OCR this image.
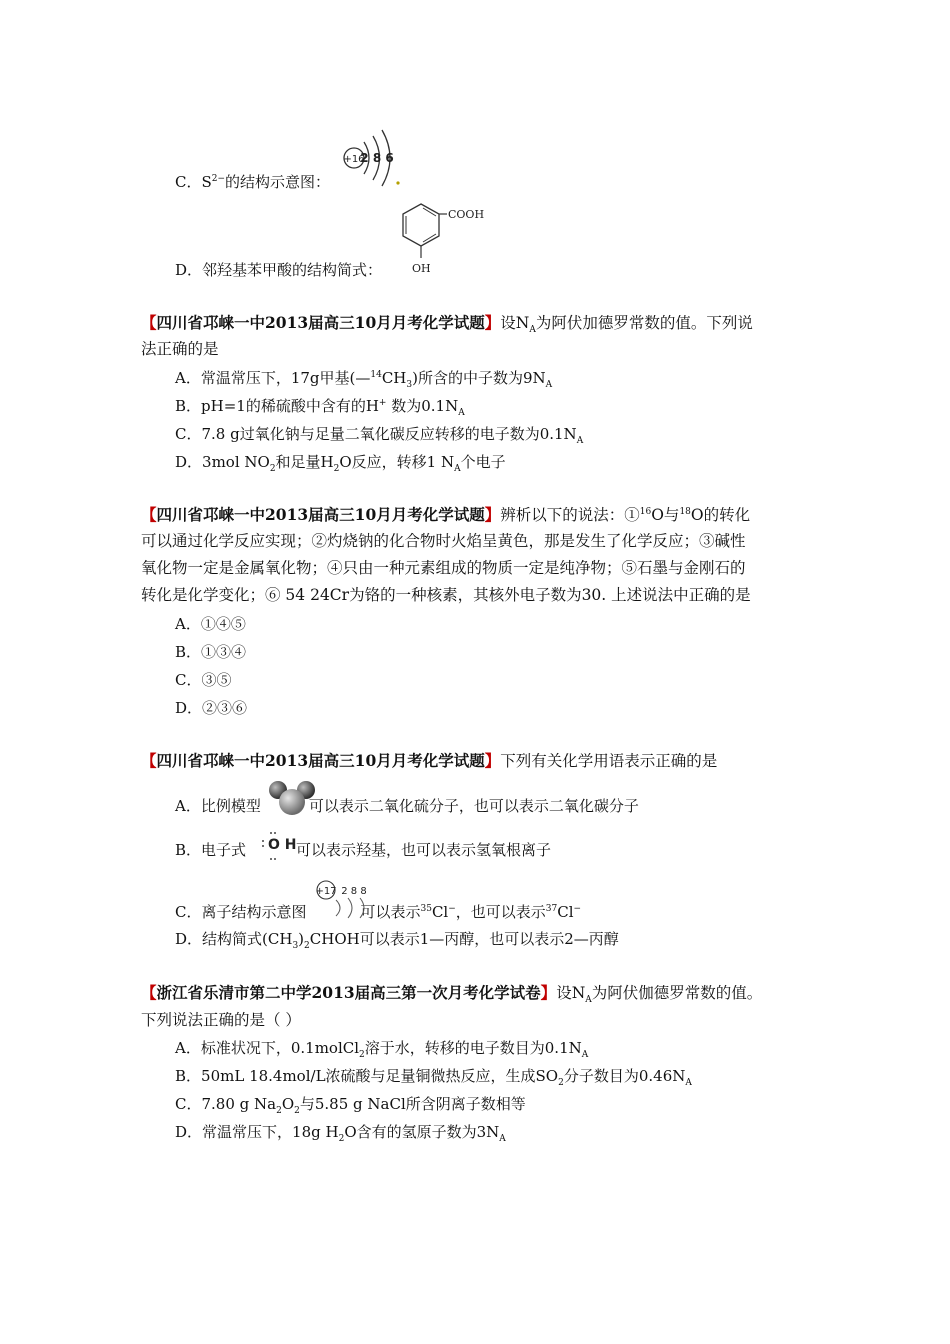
C．$S^{2-}$的结构示意图：
+16
2 8 6
D．邻羟基苯甲酸的结构简式：
COOH
OH
【四川省邛崃一中2013届高三10月月考化学试题】设$N_A$为阿伏加德罗常数的值。下列说
法正确的是
A．常温常压下，17g甲基$(—^{14}CH_3)$所含的中子数为$9N_A$
B．pH=1的稀硫酸中含有的H+ 数为$0.1N_A$
C．7.8 g过氧化钠与足量二氧化碳反应转移的电子数为$0.1N_A$
D．3mol $NO_2$和足量$H_2O$反应，转移1 $N_A$个电子
【四川省邛崃一中2013届高三10月月考化学试题】辨析以下的说法：①$^{16}$O与$^{18}$O的转化
可以通过化学反应实现；②灼烧钠的化合物时火焰呈黄色，那是发生了化学反应；③碱性
氧化物一定是金属氧化物；④只由一种元素组成的物质一定是纯净物；⑤石墨与金刚石的
转化是化学变化；⑥ 54 24Cr为铬的一种核素，其核外电子数为30. 上述说法中正确的是
A．①④⑤
B．①③④
C．③⑤
D．②③⑥
【四川省邛崃一中2013届高三10月月考化学试题】下列有关化学用语表示正确的是
A．比例模型	可以表示二氧化硫分子，也可以表示二氧化碳分子
B．电子式	可以表示羟基，也可以表示氢氧根离子
O H
C．离子结构示意图	可以表示$^{35}$Cl−，也可以表示$^{37}$Cl−
+17 2 8 8
D．结构简式$(CH_3)_2CHOH$可以表示1—丙醇，也可以表示2—丙醇
【浙江省乐清市第二中学2013届高三第一次月考化学试卷】设$N_A$为阿伏伽德罗常数的值。
下列说法正确的是（ ）
A．标准状况下，0.1molCl$_2$溶于水，转移的电子数目为$0.1N_A$
B．50mL 18.4mol/L浓硫酸与足量铜微热反应，生成$SO_2$分子数目为$0.46N_A$
C．7.80 g $Na_2O_2$与5.85 g NaCl所含阴离子数相等
D．常温常压下，18g $H_2O$含有的氢原子数为$3N_A$
